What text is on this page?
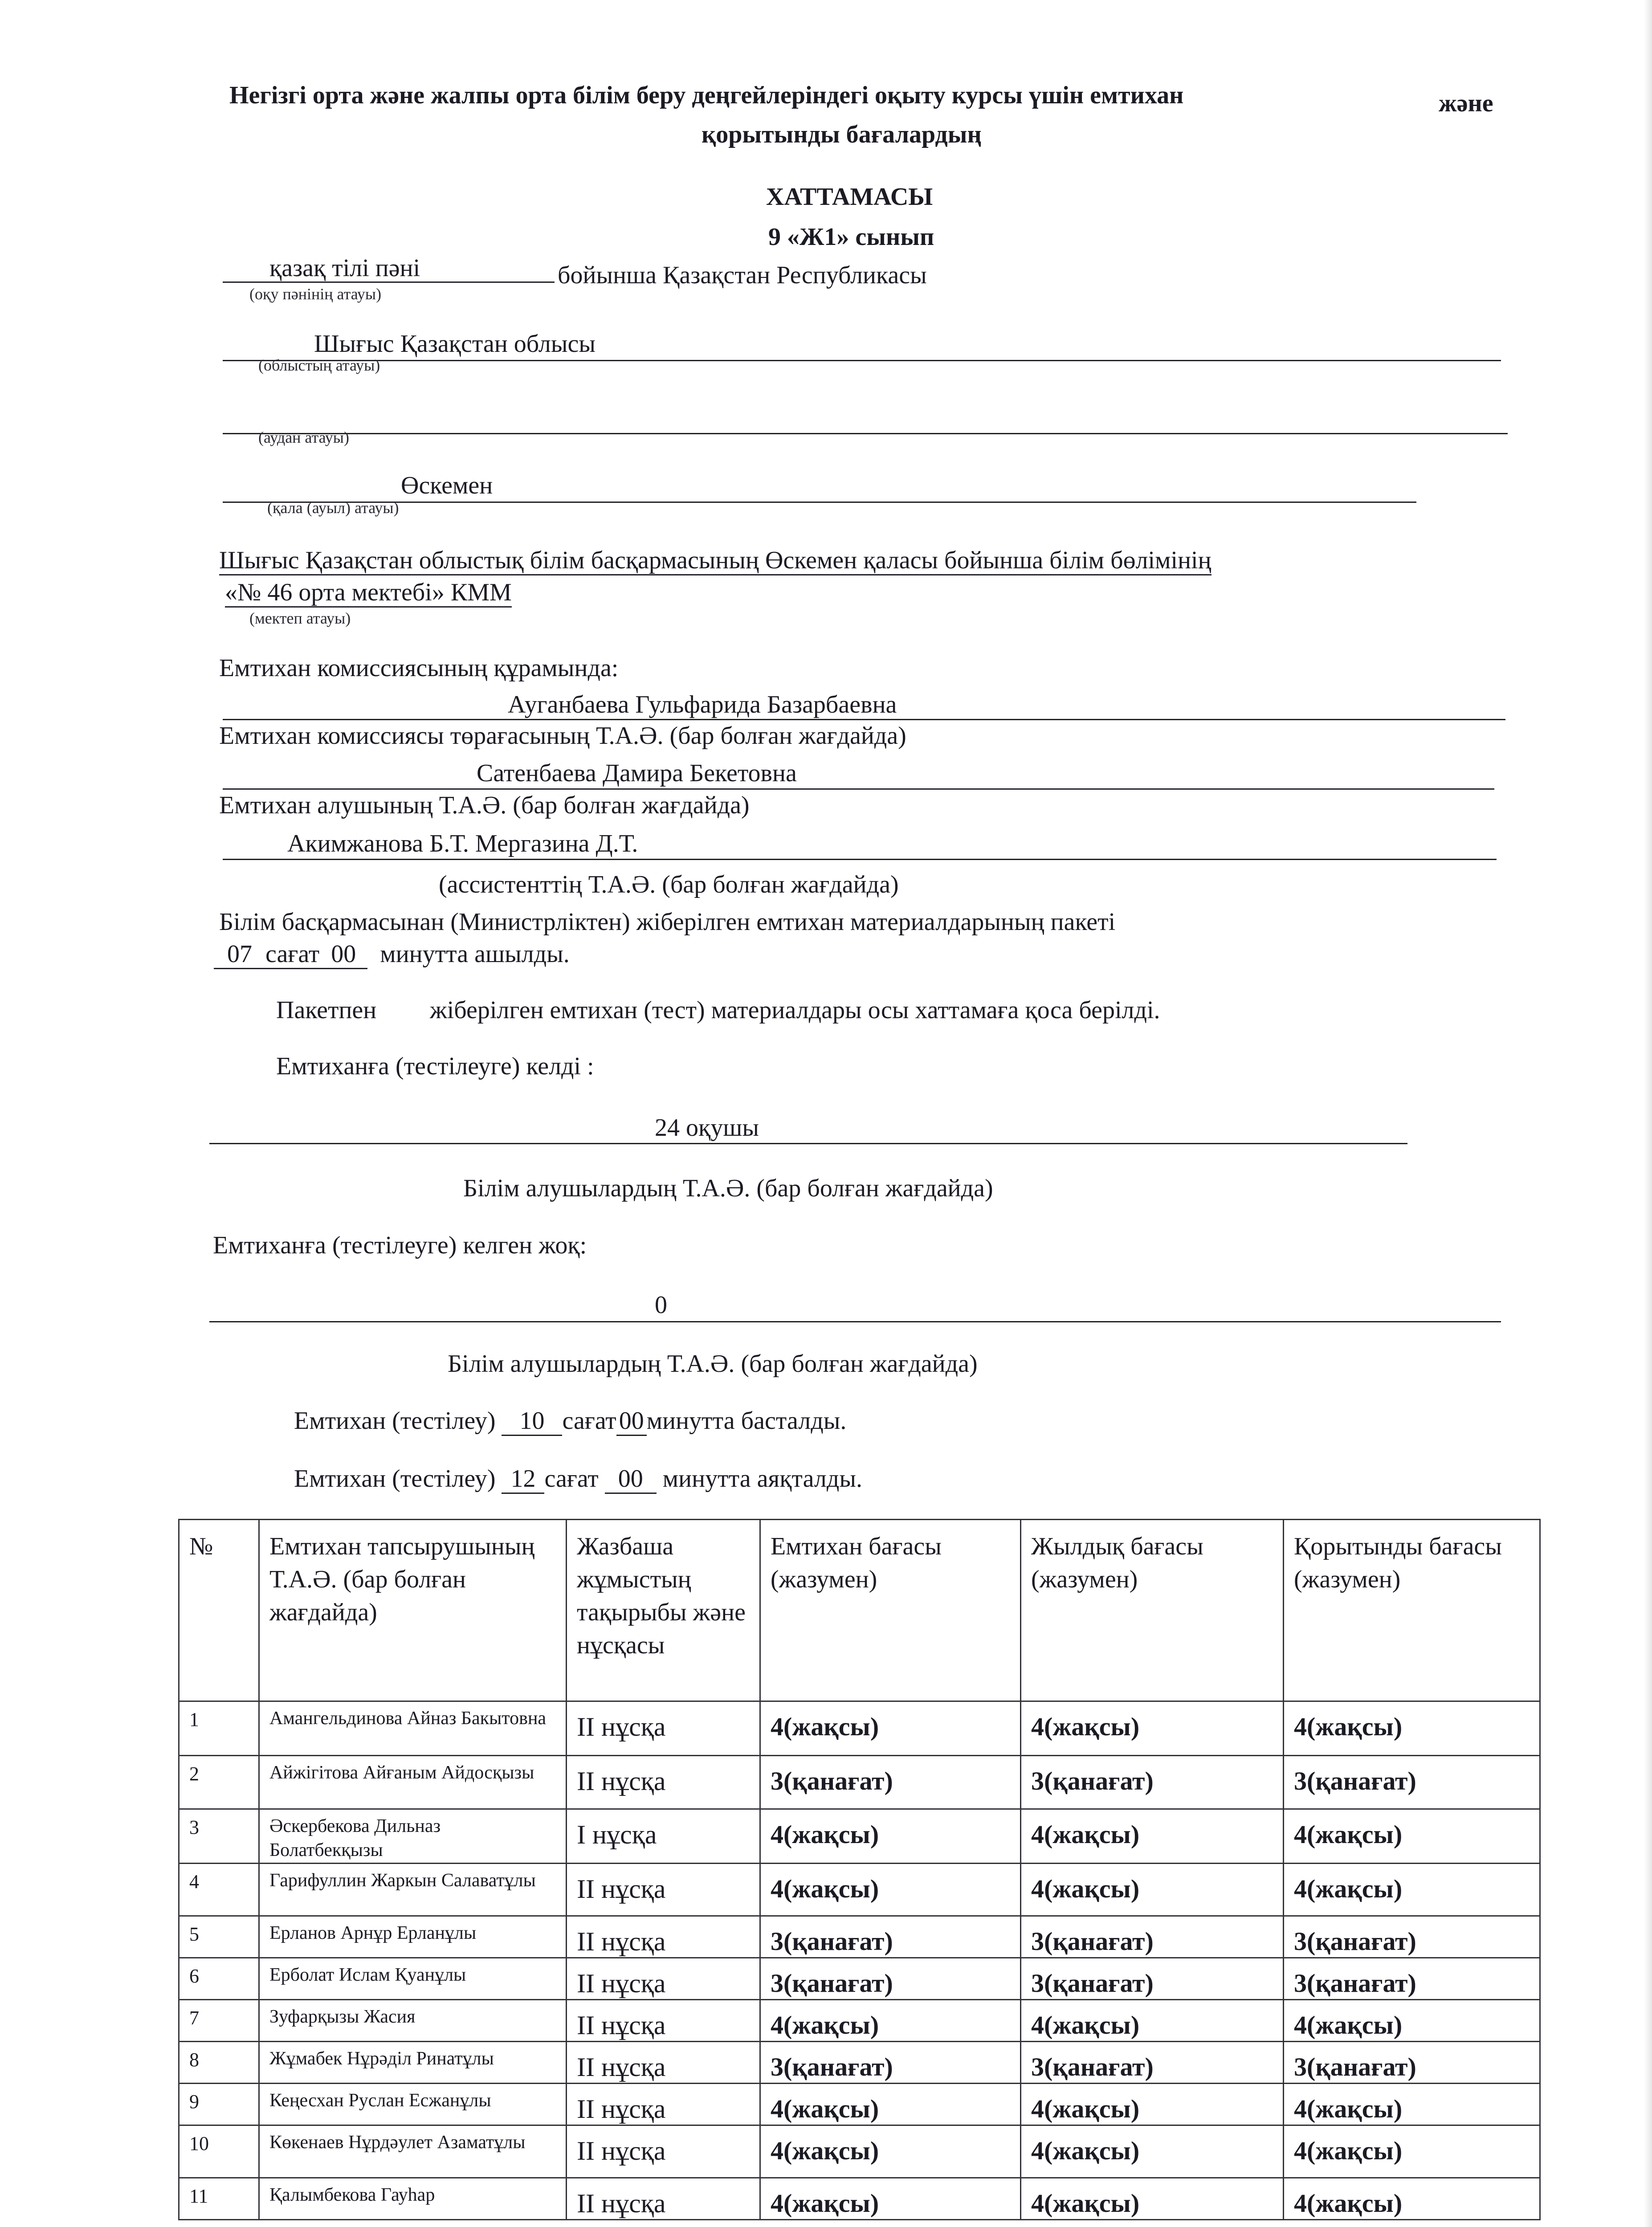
Негізгі орта және жалпы орта білім беру деңгейлеріндегі оқыту курсы үшін емтихан	және
қорытынды бағалардың
ХАТТАМАСЫ
9 «Ж1» сынып
қазақ тілі пәні	бойынша Қазақстан Республикасы
(оқу пәнінің атауы)
Шығыс Қазақстан облысы
(облыстың атауы)
(аудан атауы)
Өскемен
(қала (ауыл) атауы)
Шығыс Қазақстан облыстық білім басқармасының Өскемен қаласы бойынша білім бөлімінің
«№ 46 орта мектебі» КММ
(мектеп атауы)
Емтихан комиссиясының құрамында:
Ауганбаева Гульфарида Базарбаевна
Емтихан комиссиясы төрағасының Т.А.Ә. (бар болған жағдайда)
Сатенбаева Дамира Бекетовна
Емтихан алушының Т.А.Ә. (бар болған жағдайда)
Акимжанова Б.Т. Мергазина Д.Т.
(ассистенттің Т.А.Ә. (бар болған жағдайда)
Білім басқармасынан (Министрліктен) жіберілген емтихан материалдарының пакеті
07 сағат 00 минутта ашылды.
Пакетпен жіберілген емтихан (тест) материалдары осы хаттамаға қоса берілді.
Емтиханға (тестілеуге) келді :
24 оқушы
Білім алушылардың Т.А.Ә. (бар болған жағдайда)
Емтиханға (тестілеуге) келген жоқ:
0
Білім алушылардың Т.А.Ә. (бар болған жағдайда)
Емтихан (тестілеу) 10 сағат 00 минутта басталды.
Емтихан (тестілеу) 12 сағат 00 минутта аяқталды.
№	Емтихан тапсырушының Т.А.Ә. (бар болған жағдайда)	Жазбаша жұмыстың тақырыбы және нұсқасы	Емтихан бағасы (жазумен)	Жылдық бағасы (жазумен)	Қорытынды бағасы (жазумен)
1	Амангельдинова Айназ Бакытовна	ІІ нұсқа	4(жақсы)	4(жақсы)	4(жақсы)
2	Айжігітова Айғаным Айдосқызы	ІІ нұсқа	3(қанағат)	3(қанағат)	3(қанағат)
3	Әскербекова Дильназ Болатбекқызы	І нұсқа	4(жақсы)	4(жақсы)	4(жақсы)
4	Гарифуллин Жаркын Салаватұлы	ІІ нұсқа	4(жақсы)	4(жақсы)	4(жақсы)
5	Ерланов Арнұр Ерланұлы	ІІ нұсқа	3(қанағат)	3(қанағат)	3(қанағат)
6	Ерболат Ислам Қуанұлы	ІІ нұсқа	3(қанағат)	3(қанағат)	3(қанағат)
7	Зуфарқызы Жасия	ІІ нұсқа	4(жақсы)	4(жақсы)	4(жақсы)
8	Жұмабек Нұрәділ Ринатұлы	ІІ нұсқа	3(қанағат)	3(қанағат)	3(қанағат)
9	Кеңесхан Руслан Есжанұлы	ІІ нұсқа	4(жақсы)	4(жақсы)	4(жақсы)
10	Көкенаев Нұрдәулет Азаматұлы	ІІ нұсқа	4(жақсы)	4(жақсы)	4(жақсы)
11	Қалымбекова Гауһар	ІІ нұсқа	4(жақсы)	4(жақсы)	4(жақсы)
